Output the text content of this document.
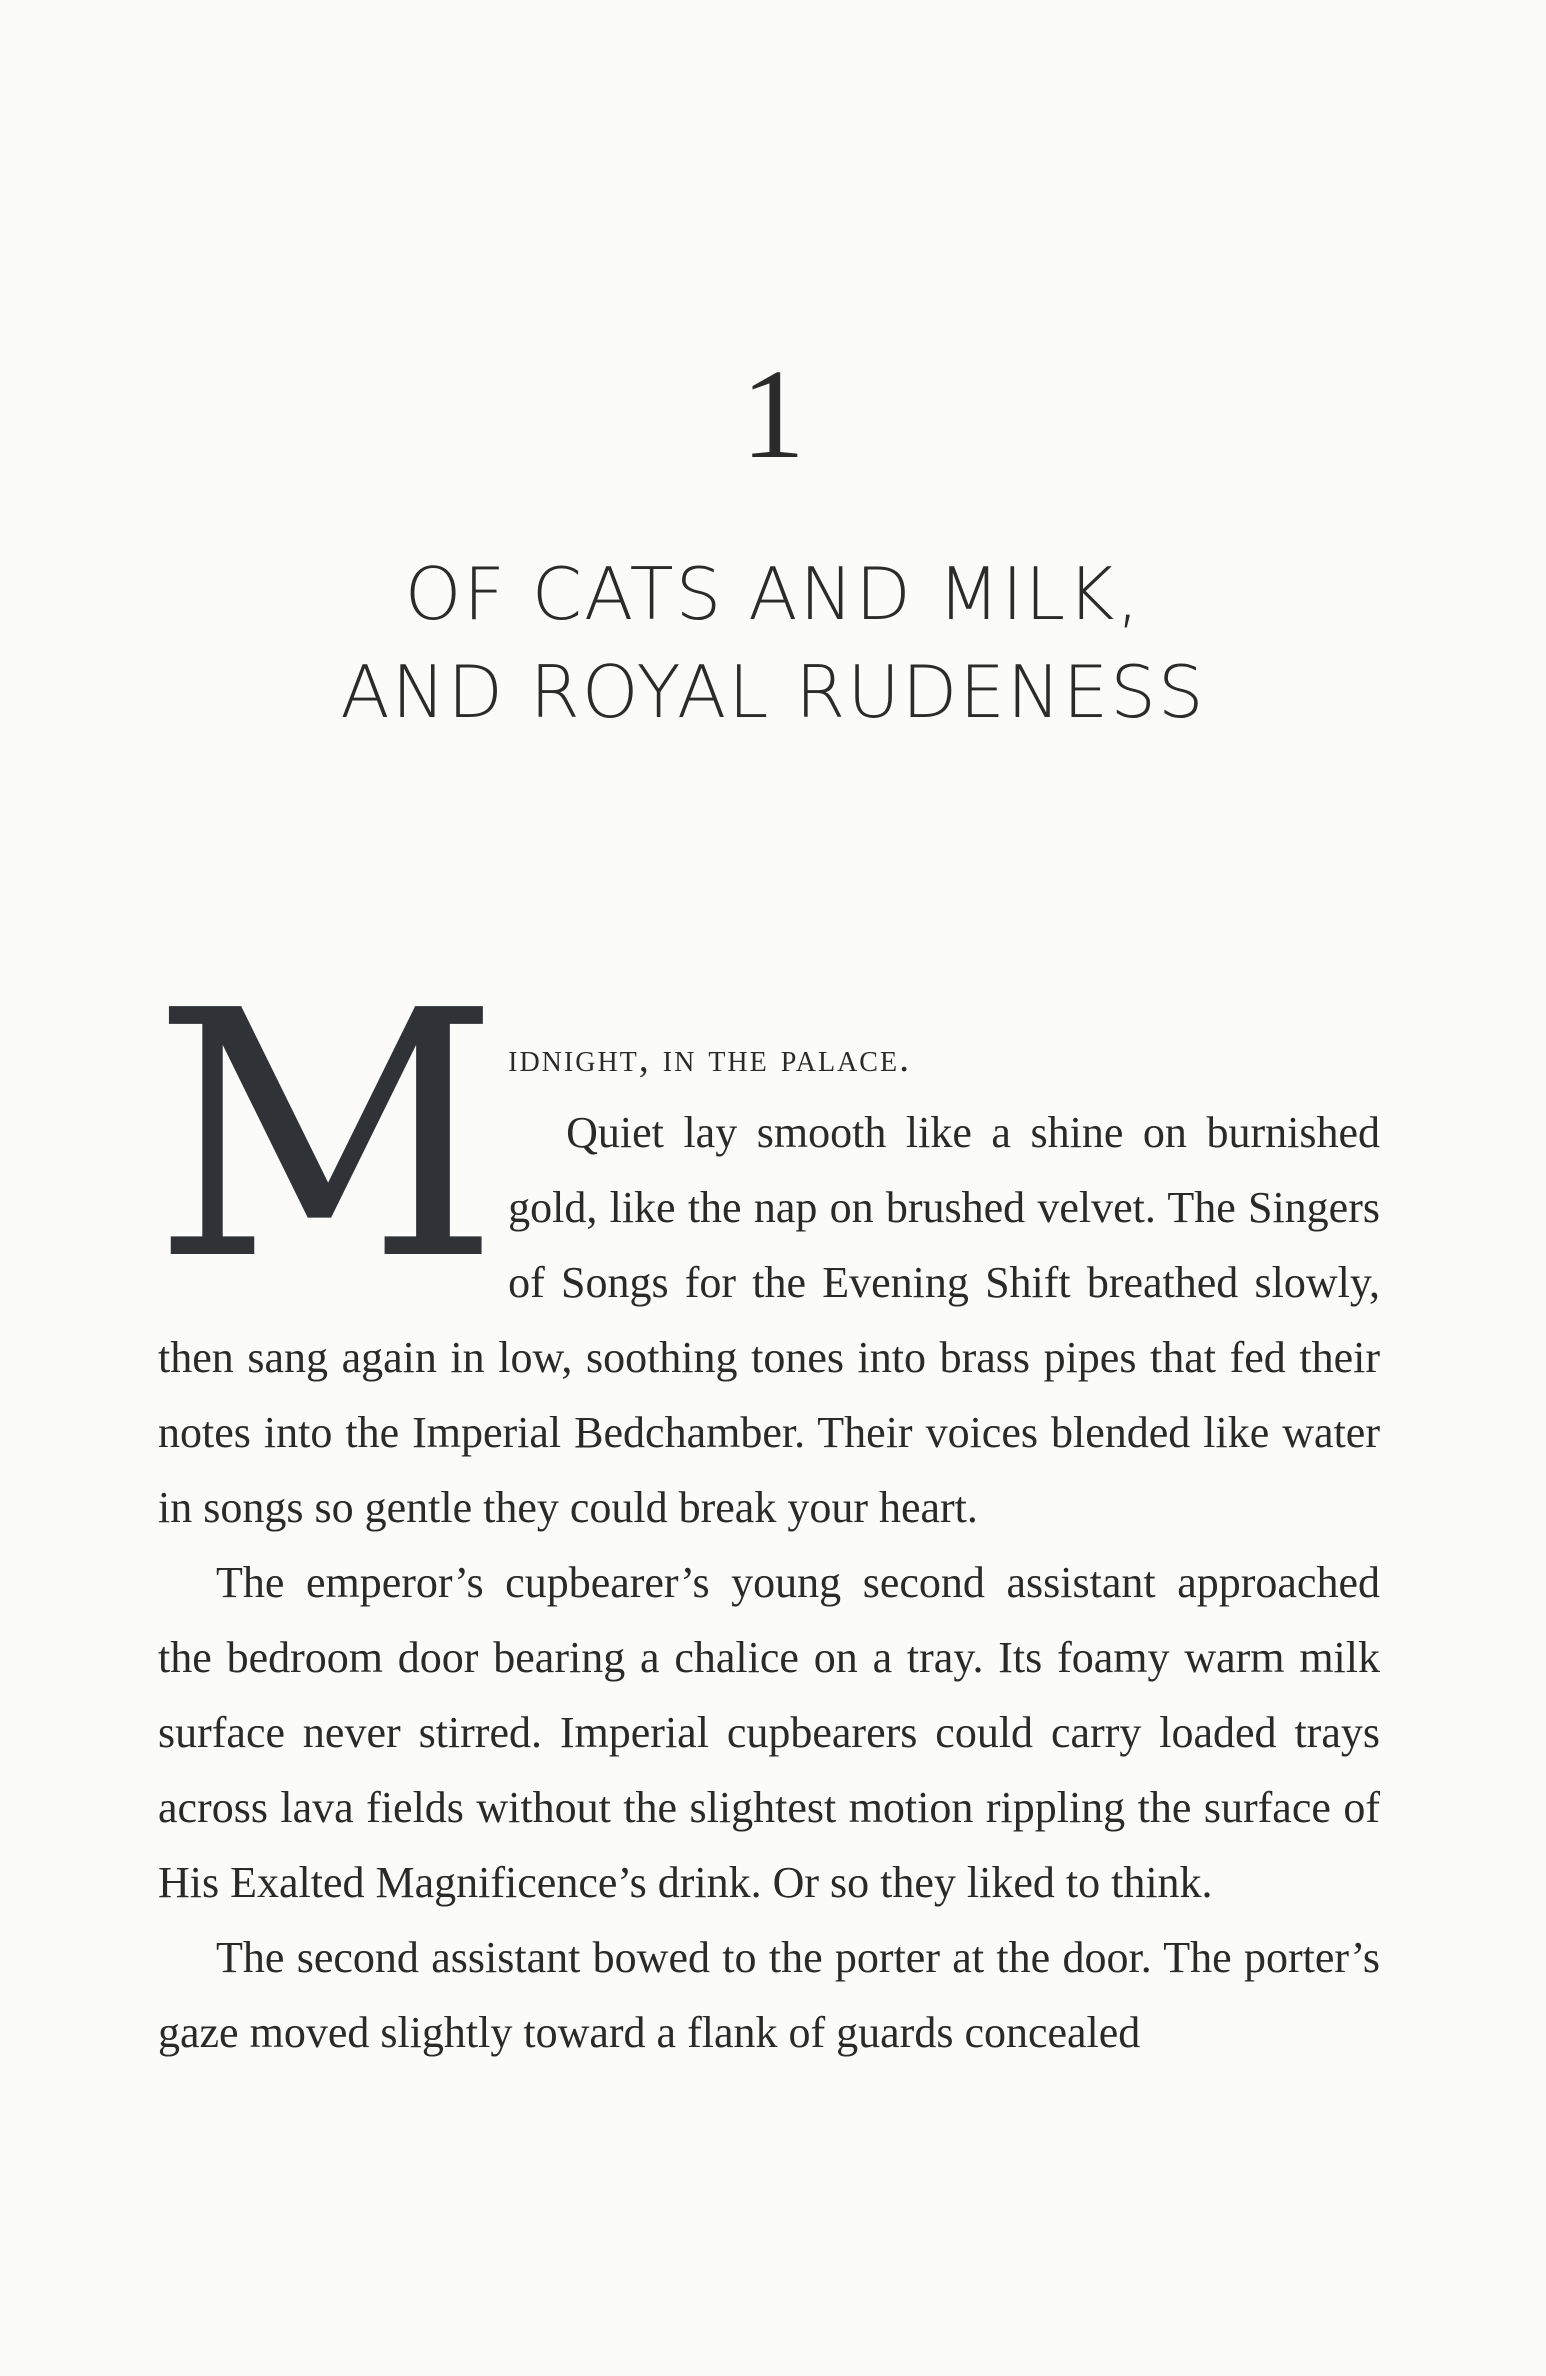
1
OF CATS AND MILK,
AND ROYAL RUDENESS
M idnight, in the palace.

Quiet lay smooth like a shine on burnished gold, like the nap on brushed velvet. The Singers of Songs for the Evening Shift breathed slowly, then sang again in low, soothing tones into brass pipes that fed their notes into the Imperial Bedchamber. Their voices blended like water in songs so gentle they could break your heart.

The emperor’s cupbearer’s young second assistant approached the bedroom door bearing a chalice on a tray. Its foamy warm milk surface never stirred. Imperial cupbearers could carry loaded trays across lava fields without the slightest motion rippling the surface of His Exalted Magnificence’s drink. Or so they liked to think.

The second assistant bowed to the porter at the door. The porter’s gaze moved slightly toward a flank of guards concealed
